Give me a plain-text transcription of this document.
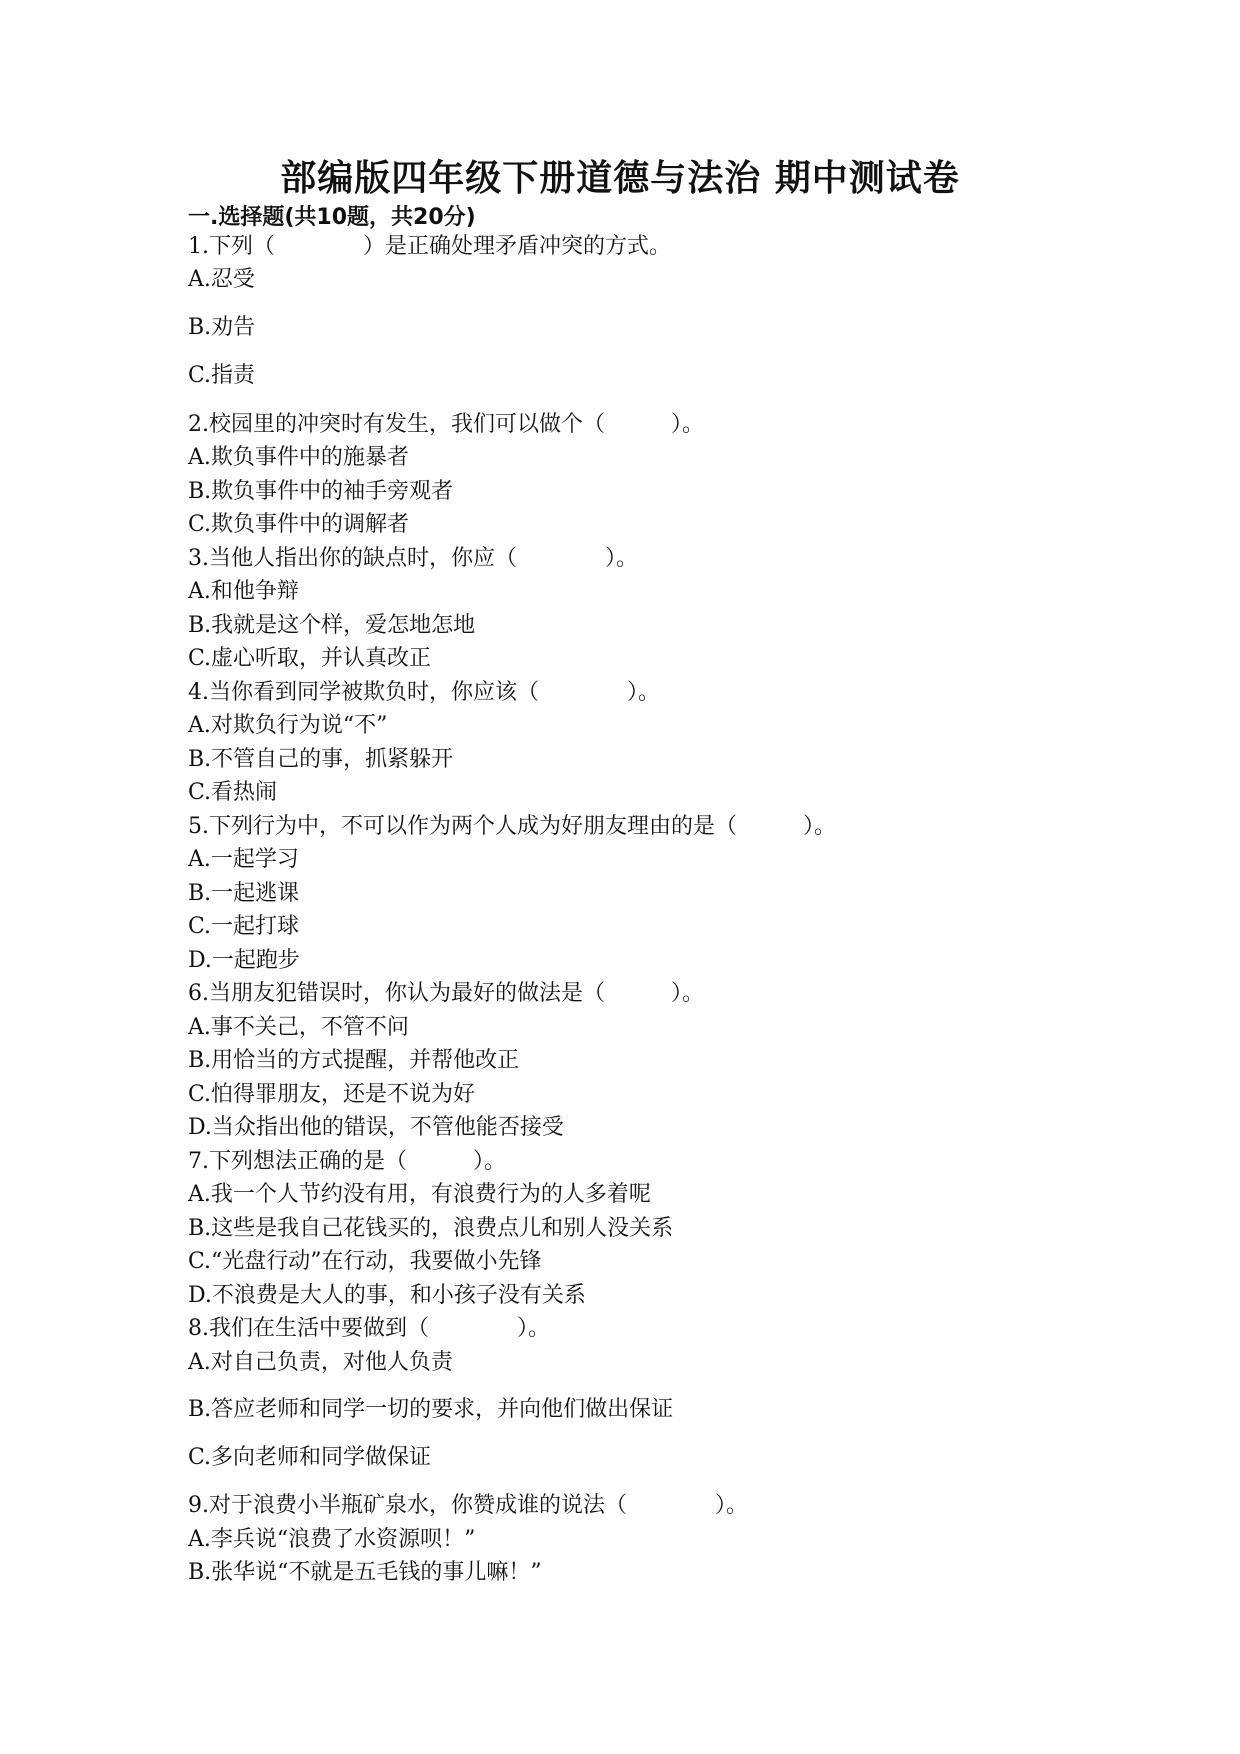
部编版四年级下册道德与法治 期中测试卷
一.选择题(共10题，共20分)

1.下列（　　　　）是正确处理矛盾冲突的方式。

A.忍受

B.劝告

C.指责

2.校园里的冲突时有发生，我们可以做个（　　　）。

A.欺负事件中的施暴者

B.欺负事件中的袖手旁观者

C.欺负事件中的调解者

3.当他人指出你的缺点时，你应（　　　　）。

A.和他争辩

B.我就是这个样，爱怎地怎地

C.虚心听取，并认真改正

4.当你看到同学被欺负时，你应该（　　　　）。

A.对欺负行为说“不”

B.不管自己的事，抓紧躲开

C.看热闹

5.下列行为中，不可以作为两个人成为好朋友理由的是（　　　）。

A.一起学习

B.一起逃课

C.一起打球

D.一起跑步

6.当朋友犯错误时，你认为最好的做法是（　　　）。

A.事不关己，不管不问

B.用恰当的方式提醒，并帮他改正

C.怕得罪朋友，还是不说为好

D.当众指出他的错误，不管他能否接受

7.下列想法正确的是（　　　）。

A.我一个人节约没有用，有浪费行为的人多着呢

B.这些是我自己花钱买的，浪费点儿和别人没关系

C.“光盘行动”在行动，我要做小先锋

D.不浪费是大人的事，和小孩子没有关系

8.我们在生活中要做到（　　　　）。

A.对自己负责，对他人负责

B.答应老师和同学一切的要求，并向他们做出保证

C.多向老师和同学做保证

9.对于浪费小半瓶矿泉水，你赞成谁的说法（　　　　）。

A.李兵说“浪费了水资源呗！”

B.张华说“不就是五毛钱的事儿嘛！”
